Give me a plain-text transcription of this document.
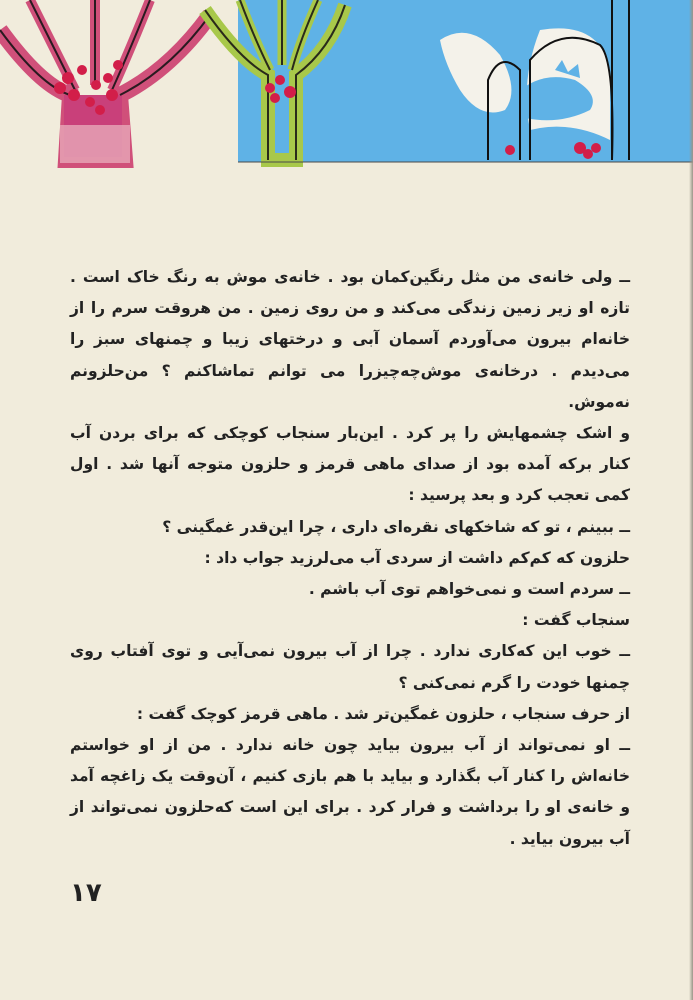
ــ ولی خانه‌ی من مثل رنگین‌کمان بود . خانه‌ی موش به رنگ خاک است . تازه او زیر زمین زندگی می‌کند و من روی زمین . من هروقت سرم را از خانه‌ام بیرون می‌آوردم آسمان آبی و درختهای زیبا و چمنهای سبز را می‌دیدم . درخانه‌ی موش‌چه‌چیز‌را می توانم تماشاکنم ؟ من‌حلزونم نه‌موش.

و اشک چشمهایش را پر کرد . این‌بار سنجاب کوچکی که برای بردن آب کنار برکه آمده بود از صدای ماهی قرمز و حلزون متوجه آنها شد . اول کمی تعجب کرد و بعد پرسید :

ــ ببینم ، تو که شاخکهای نقره‌ای داری ، چرا این‌قدر غمگینی ؟

حلزون که کم‌کم داشت از سردی آب می‌لرزید جواب داد :

ــ سردم است و نمی‌خواهم توی آب باشم .

سنجاب گفت :

ــ خوب این که‌کاری ندارد . چرا از آب بیرون نمی‌آیی و توی آفتاب روی چمنها خودت را گرم نمی‌کنی ؟

از حرف سنجاب ، حلزون غمگین‌تر شد . ماهی قرمز کوچک گفت :

ــ او نمی‌تواند از آب بیرون بیاید چون خانه ندارد . من از او خواستم خانه‌اش را کنار آب بگذارد و بیاید با هم بازی کنیم ، آن‌وقت یک زاغچه آمد و خانه‌ی او را برداشت و فرار کرد . برای این است که‌حلزون نمی‌تواند از آب بیرون بیاید .

۱۷
